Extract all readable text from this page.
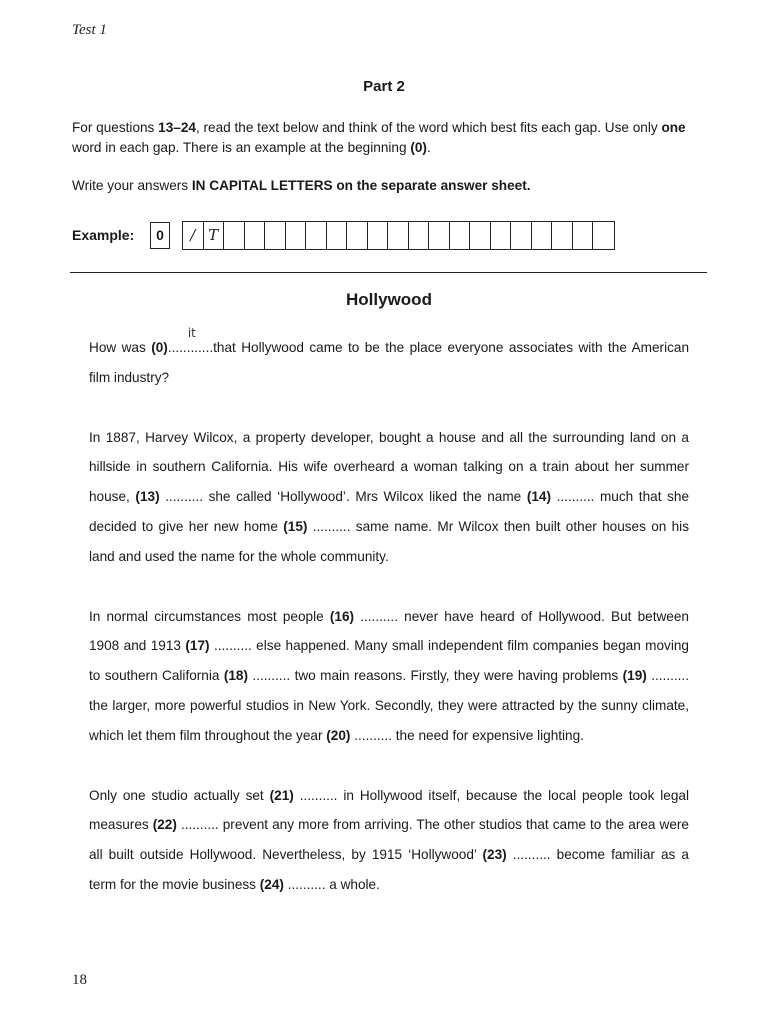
Test 1
Part 2

For questions 13–24, read the text below and think of the word which best fits each gap. Use only one word in each gap. There is an example at the beginning (0).

Write your answers IN CAPITAL LETTERS on the separate answer sheet.

Example:	0	/ T
Hollywood

How was (0)
it
............that Hollywood came to be the place everyone associates with the American film industry?

In 1887, Harvey Wilcox, a property developer, bought a house and all the surrounding land on a hillside in southern California. His wife overheard a woman talking on a train about her summer house, (13) .......... she called ‘Hollywood’. Mrs Wilcox liked the name (14) .......... much that she decided to give her new home (15) .......... same name. Mr Wilcox then built other houses on his land and used the name for the whole community.

In normal circumstances most people (16) .......... never have heard of Hollywood. But between 1908 and 1913 (17) .......... else happened. Many small independent film companies began moving to southern California (18) .......... two main reasons. Firstly, they were having problems (19) .......... the larger, more powerful studios in New York. Secondly, they were attracted by the sunny climate, which let them film throughout the year (20) .......... the need for expensive lighting.

Only one studio actually set (21) .......... in Hollywood itself, because the local people took legal measures (22) .......... prevent any more from arriving. The other studios that came to the area were all built outside Hollywood. Nevertheless, by 1915 ‘Hollywood’ (23) .......... become familiar as a term for the movie business (24) .......... a whole.

18
